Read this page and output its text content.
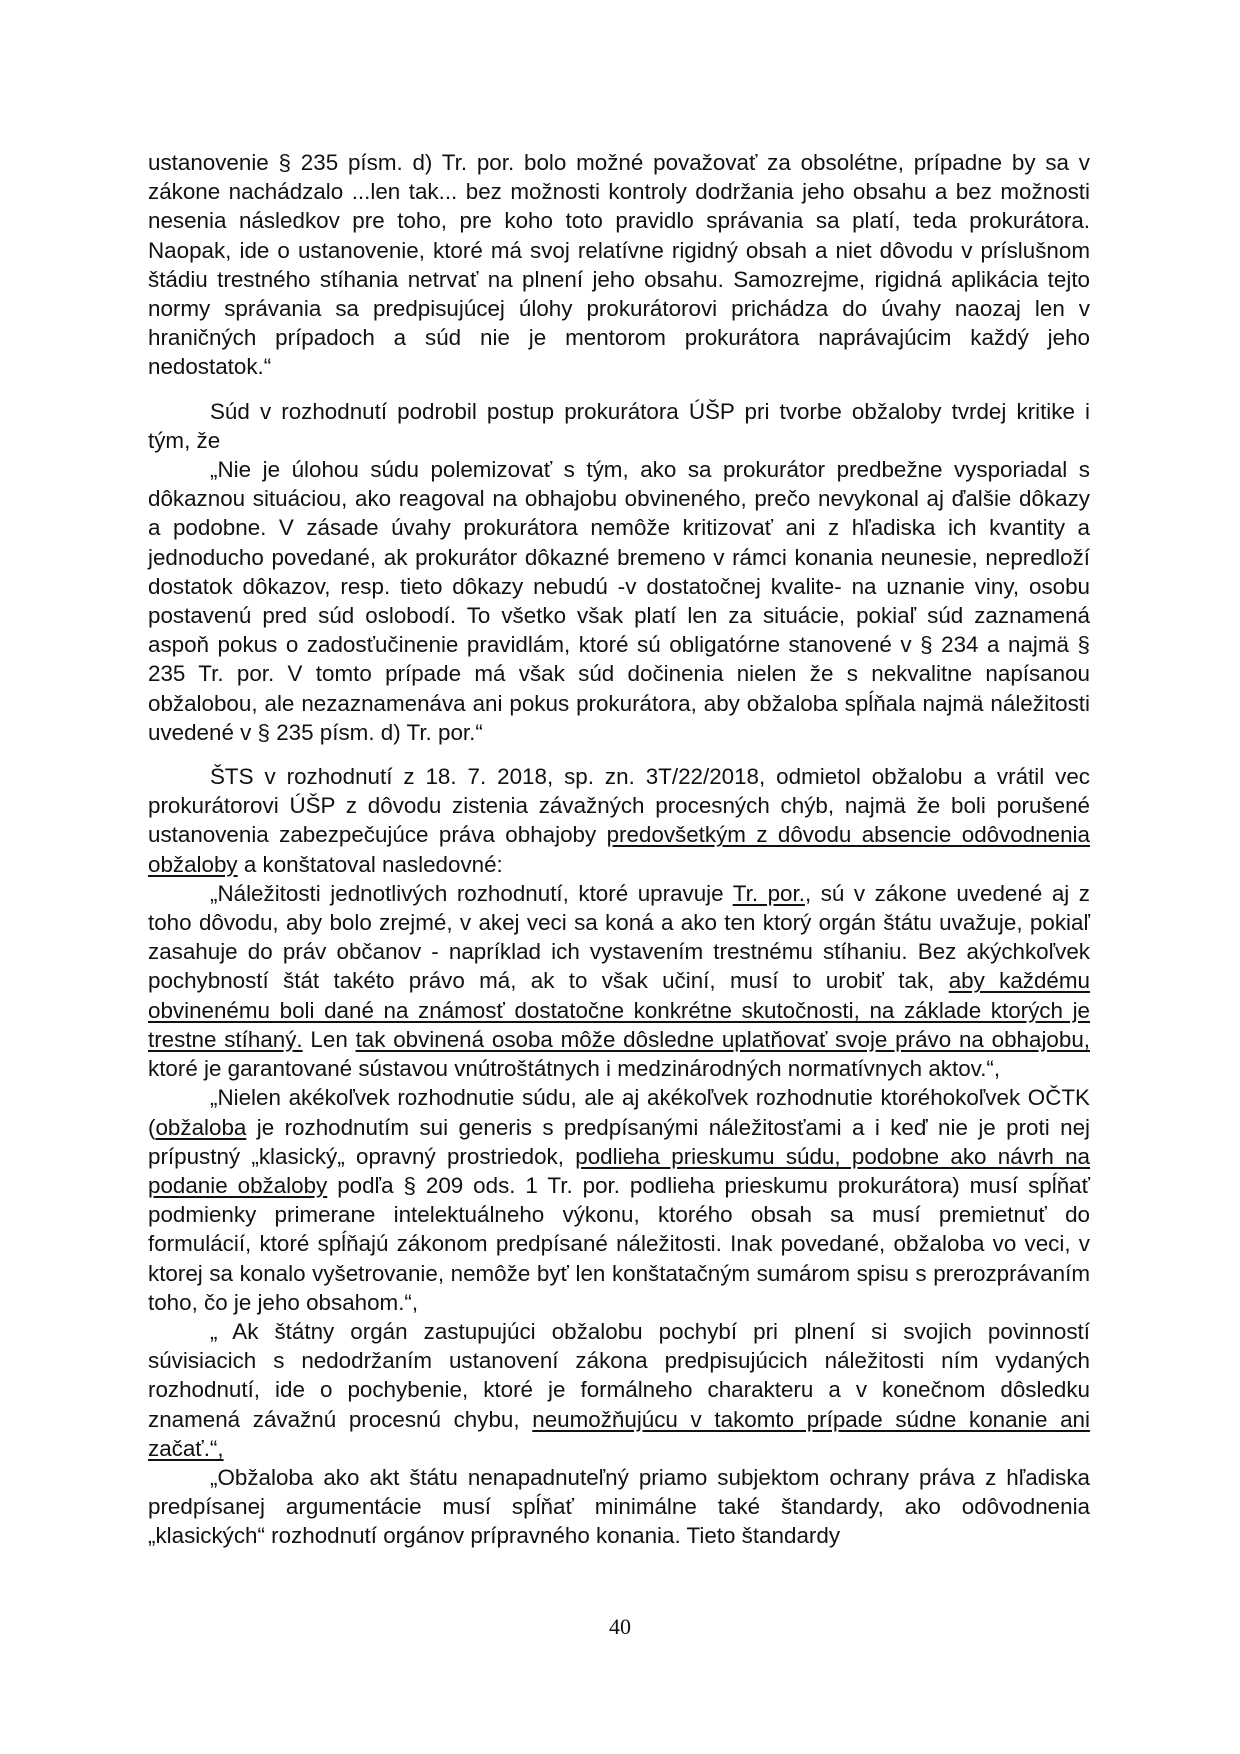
ustanovenie § 235 písm. d) Tr. por. bolo možné považovať za obsolétne, prípadne by sa v zákone nachádzalo ...len tak... bez možnosti kontroly dodržania jeho obsahu a bez možnosti nesenia následkov pre toho, pre koho toto pravidlo správania sa platí, teda prokurátora. Naopak, ide o ustanovenie, ktoré má svoj relatívne rigidný obsah a niet dôvodu v príslušnom štádiu trestného stíhania netrvať na plnení jeho obsahu. Samozrejme, rigidná aplikácia tejto normy správania sa predpisujúcej úlohy prokurátorovi prichádza do úvahy naozaj len v hraničných prípadoch a súd nie je mentorom prokurátora naprávajúcim každý jeho nedostatok.“

Súd v rozhodnutí podrobil postup prokurátora ÚŠP pri tvorbe obžaloby tvrdej kritike i tým, že

„Nie je úlohou súdu polemizovať s tým, ako sa prokurátor predbežne vysporiadal s dôkaznou situáciou, ako reagoval na obhajobu obvineného, prečo nevykonal aj ďalšie dôkazy a podobne. V zásade úvahy prokurátora nemôže kritizovať ani z hľadiska ich kvantity a jednoducho povedané, ak prokurátor dôkazné bremeno v rámci konania neunesie, nepredloží dostatok dôkazov, resp. tieto dôkazy nebudú -v dostatočnej kvalite- na uznanie viny, osobu postavenú pred súd oslobodí. To všetko však platí len za situácie, pokiaľ súd zaznamená aspoň pokus o zadosťučinenie pravidlám, ktoré sú obligatórne stanovené v § 234 a najmä § 235 Tr. por. V tomto prípade má však súd dočinenia nielen že s nekvalitne napísanou obžalobou, ale nezaznamenáva ani pokus prokurátora, aby obžaloba spĺňala najmä náležitosti uvedené v § 235 písm. d) Tr. por.“

ŠTS v rozhodnutí z 18. 7. 2018, sp. zn. 3T/22/2018, odmietol obžalobu a vrátil vec prokurátorovi ÚŠP z dôvodu zistenia závažných procesných chýb, najmä že boli porušené ustanovenia zabezpečujúce práva obhajoby predovšetkým z dôvodu absencie odôvodnenia obžaloby a konštatoval nasledovné:

„Náležitosti jednotlivých rozhodnutí, ktoré upravuje Tr. por., sú v zákone uvedené aj z toho dôvodu, aby bolo zrejmé, v akej veci sa koná a ako ten ktorý orgán štátu uvažuje, pokiaľ zasahuje do práv občanov - napríklad ich vystavením trestnému stíhaniu. Bez akýchkoľvek pochybností štát takéto právo má, ak to však učiní, musí to urobiť tak, aby každému obvinenému boli dané na známosť dostatočne konkrétne skutočnosti, na základe ktorých je trestne stíhaný. Len tak obvinená osoba môže dôsledne uplatňovať svoje právo na obhajobu, ktoré je garantované sústavou vnútroštátnych i medzinárodných normatívnych aktov.“,

„Nielen akékoľvek rozhodnutie súdu, ale aj akékoľvek rozhodnutie ktoréhokoľvek OČTK (obžaloba je rozhodnutím sui generis s predpísanými náležitosťami a i keď nie je proti nej prípustný „klasický„ opravný prostriedok, podlieha prieskumu súdu, podobne ako návrh na podanie obžaloby podľa § 209 ods. 1 Tr. por. podlieha prieskumu prokurátora) musí spĺňať podmienky primerane intelektuálneho výkonu, ktorého obsah sa musí premietnuť do formulácií, ktoré spĺňajú zákonom predpísané náležitosti. Inak povedané, obžaloba vo veci, v ktorej sa konalo vyšetrovanie, nemôže byť len konštatačným sumárom spisu s prerozprávaním toho, čo je jeho obsahom.“,

„ Ak štátny orgán zastupujúci obžalobu pochybí pri plnení si svojich povinností súvisiacich s nedodržaním ustanovení zákona predpisujúcich náležitosti ním vydaných rozhodnutí, ide o pochybenie, ktoré je formálneho charakteru a v konečnom dôsledku znamená závažnú procesnú chybu, neumožňujúcu v takomto prípade súdne konanie ani začať.“,

„Obžaloba ako akt štátu nenapadnuteľný priamo subjektom ochrany práva z hľadiska predpísanej argumentácie musí spĺňať minimálne také štandardy, ako odôvodnenia „klasických“ rozhodnutí orgánov prípravného konania. Tieto štandardy

40
